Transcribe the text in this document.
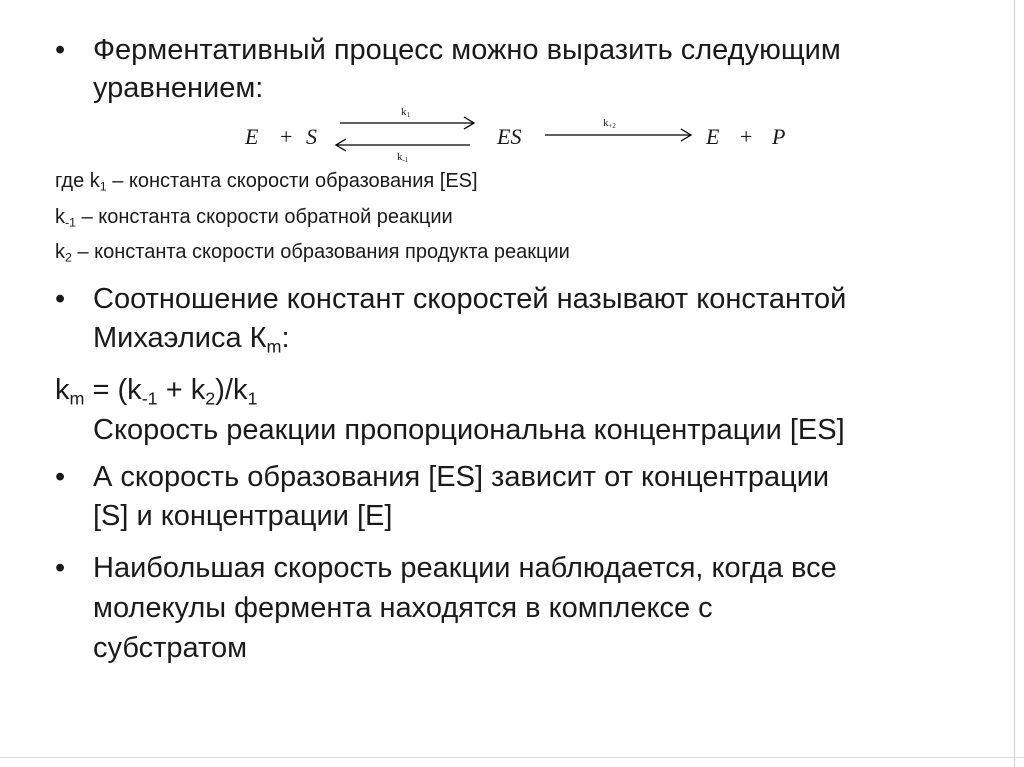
• Ферментативный процесс можно выразить следующим
уравнением:
E + S
$k_1$
$k_{-1}$
ES
$k_{+2}$	E + P
где $k_1$ – константа скорости образования [ES]
$k_{-1}$ – константа скорости обратной реакции
$k_2$ – константа скорости образования продукта реакции
• Соотношение констант скоростей называют константой
Михаэлиса $К_m$:
$k_m = (k_{-1} + k_2)/k_1$
Скорость реакции пропорциональна концентрации [ES]
• А скорость образования [ES] зависит от концентрации
[S] и концентрации [E]
• Наибольшая скорость реакции наблюдается, когда все
молекулы фермента находятся в комплексе с
субстратом
